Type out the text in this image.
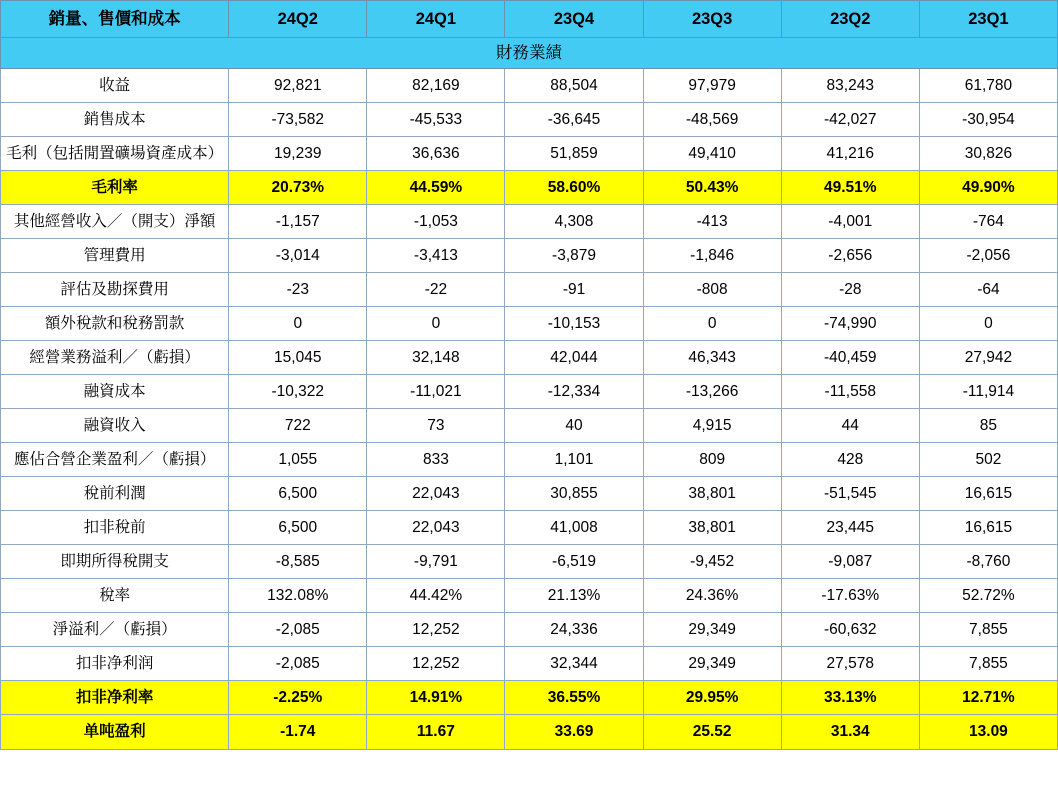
銷量、售價和成本	24Q2	24Q1	23Q4	23Q3	23Q2	23Q1
財務業績						
收益	92,821	82,169	88,504	97,979	83,243	61,780
銷售成本	-73,582	-45,533	-36,645	-48,569	-42,027	-30,954
毛利（包括閒置礦場資產成本）	19,239	36,636	51,859	49,410	41,216	30,826
毛利率	20.73%	44.59%	58.60%	50.43%	49.51%	49.90%
其他經營收入／（開支）淨額	-1,157	-1,053	4,308	-413	-4,001	-764
管理費用	-3,014	-3,413	-3,879	-1,846	-2,656	-2,056
評估及勘探費用	-23	-22	-91	-808	-28	-64
額外稅款和稅務罰款	0	0	-10,153	0	-74,990	0
經營業務溢利／（虧損）	15,045	32,148	42,044	46,343	-40,459	27,942
融資成本	-10,322	-11,021	-12,334	-13,266	-11,558	-11,914
融資收入	722	73	40	4,915	44	85
應佔合營企業盈利／（虧損）	1,055	833	1,101	809	428	502
稅前利潤	6,500	22,043	30,855	38,801	-51,545	16,615
扣非稅前	6,500	22,043	41,008	38,801	23,445	16,615
即期所得稅開支	-8,585	-9,791	-6,519	-9,452	-9,087	-8,760
稅率	132.08%	44.42%	21.13%	24.36%	-17.63%	52.72%
淨溢利／（虧損）	-2,085	12,252	24,336	29,349	-60,632	7,855
扣非净利润	-2,085	12,252	32,344	29,349	27,578	7,855
扣非净利率	-2.25%	14.91%	36.55%	29.95%	33.13%	12.71%
单吨盈利	-1.74	11.67	33.69	25.52	31.34	13.09
